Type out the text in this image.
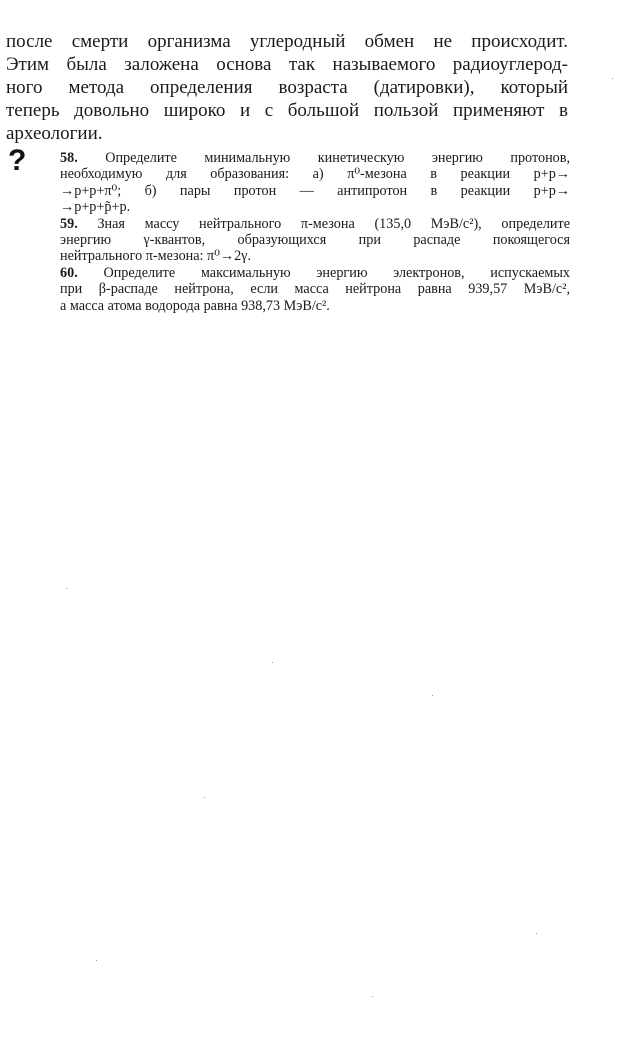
после смерти организма углеродный обмен не происходит.
Этим была заложена основа так называемого радиоуглерод-
ного метода определения возраста (датировки), который
теперь довольно широко и с большой пользой применяют в
археологии.
? 58. Определите минимальную кинетическую энергию протонов,
необходимую для образования: а) π⁰-мезона в реакции p+p→
→p+p+π⁰; б) пары протон — антипротон в реакции p+p→
→p+p+p̃+p.
59. Зная массу нейтрального π-мезона (135,0 МэВ/c²), определите
энергию γ-квантов, образующихся при распаде покоящегося
нейтрального π-мезона: π⁰→2γ.
60. Определите максимальную энергию электронов, испускаемых
при β-распаде нейтрона, если масса нейтрона равна 939,57 МэВ/c²,
а масса атома водорода равна 938,73 МэВ/c².
